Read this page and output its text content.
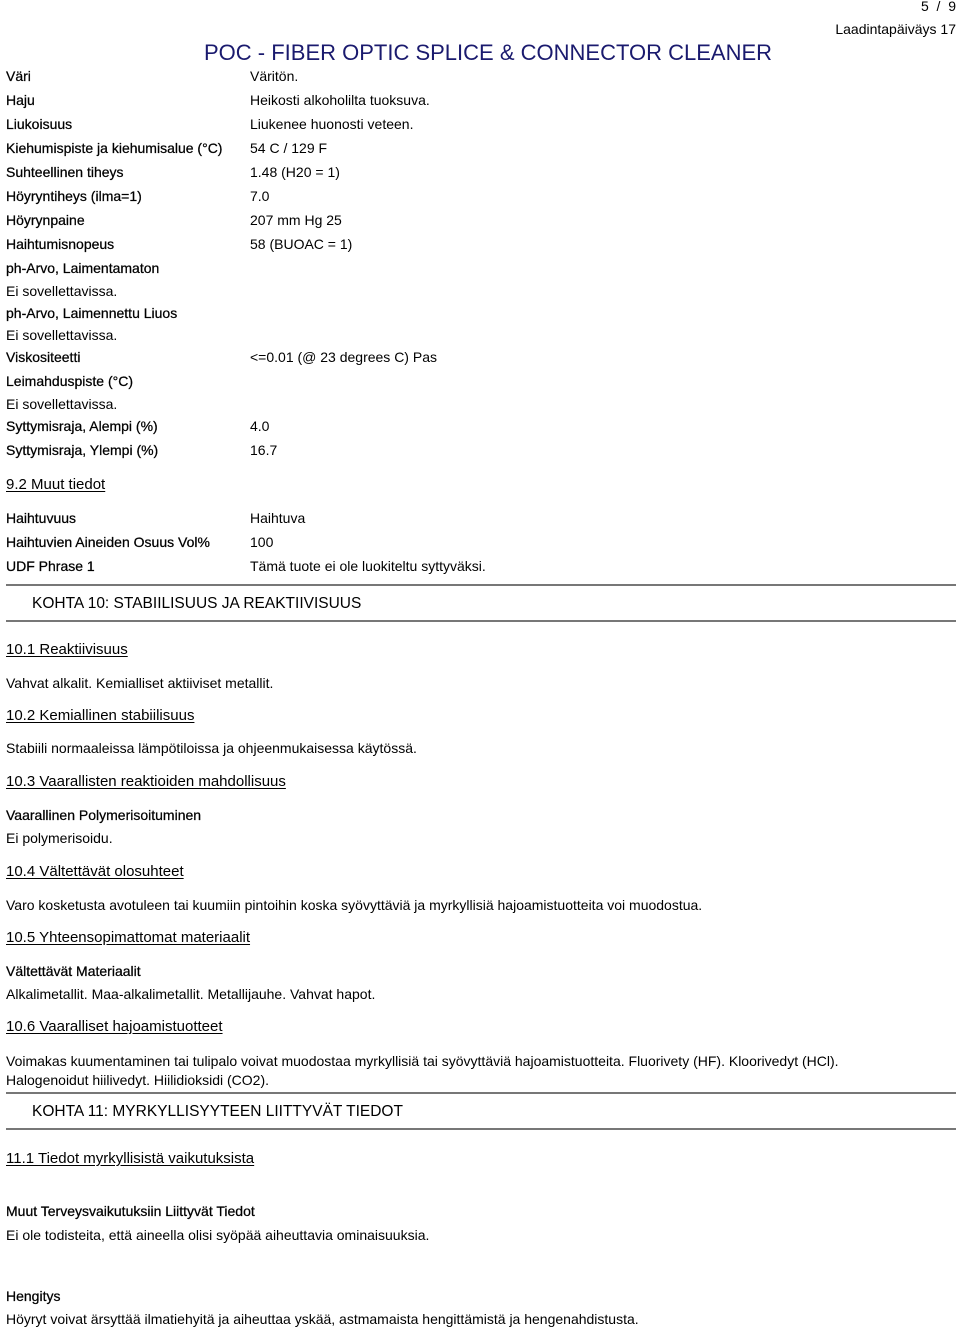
5 / 9
Laadintapäiväys 17
POC - FIBER OPTIC SPLICE & CONNECTOR CLEANER
Väri	Väritön.
Haju	Heikosti alkoholilta tuoksuva.
Liukoisuus	Liukenee huonosti veteen.
Kiehumispiste ja kiehumisalue (°C) 54 C / 129 F
Suhteellinen tiheys	1.48 (H20 = 1)
Höyryntiheys (ilma=1)	7.0
Höyrynpaine	207 mm Hg 25
Haihtumisnopeus	58 (BUOAC = 1)
ph-Arvo, Laimentamaton
Ei sovellettavissa.
ph-Arvo, Laimennettu Liuos
Ei sovellettavissa.
Viskositeetti	<=0.01 (@ 23 degrees C) Pas
Leimahduspiste (°C)
Ei sovellettavissa.
Syttymisraja, Alempi (%)	4.0
Syttymisraja, Ylempi (%)	16.7
9.2 Muut tiedot
Haihtuvuus	Haihtuva
Haihtuvien Aineiden Osuus Vol%	100
UDF Phrase 1	Tämä tuote ei ole luokiteltu syttyväksi.
KOHTA 10: STABIILISUUS JA REAKTIIVISUUS
10.1 Reaktiivisuus
Vahvat alkalit. Kemialliset aktiiviset metallit.
10.2 Kemiallinen stabiilisuus
Stabiili normaaleissa lämpötiloissa ja ohjeenmukaisessa käytössä.
10.3 Vaarallisten reaktioiden mahdollisuus
Vaarallinen Polymerisoituminen
Ei polymerisoidu.
10.4 Vältettävät olosuhteet
Varo kosketusta avotuleen tai kuumiin pintoihin koska syövyttäviä ja myrkyllisiä hajoamistuotteita voi muodostua.
10.5 Yhteensopimattomat materiaalit
Vältettävät Materiaalit
Alkalimetallit. Maa-alkalimetallit. Metallijauhe. Vahvat hapot.
10.6 Vaaralliset hajoamistuotteet
Voimakas kuumentaminen tai tulipalo voivat muodostaa myrkyllisiä tai syövyttäviä hajoamistuotteita. Fluorivety (HF). Kloorivedyt (HCl).
Halogenoidut hiilivedyt. Hiilidioksidi (CO2).
KOHTA 11: MYRKYLLISYYTEEN LIITTYVÄT TIEDOT
11.1 Tiedot myrkyllisistä vaikutuksista
Muut Terveysvaikutuksiin Liittyvät Tiedot
Ei ole todisteita, että aineella olisi syöpää aiheuttavia ominaisuuksia.
Hengitys
Höyryt voivat ärsyttää ilmatiehyitä ja aiheuttaa yskää, astmamaista hengittämistä ja hengenahdistusta.
